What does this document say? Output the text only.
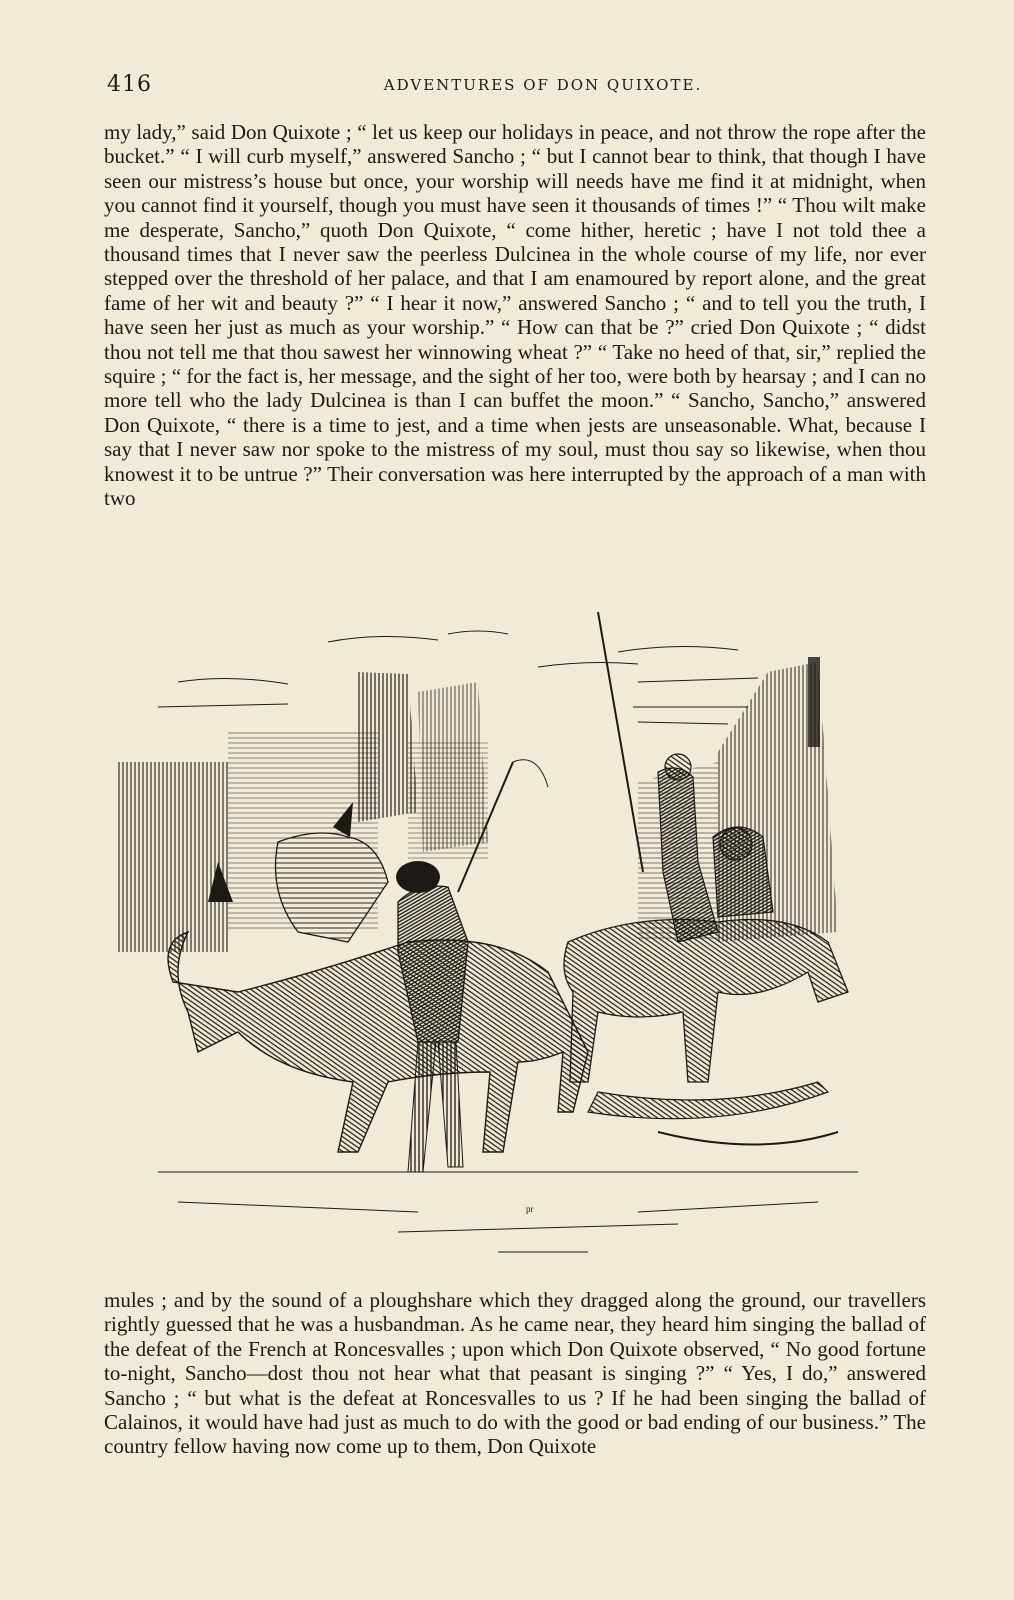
416	ADVENTURES OF DON QUIXOTE.

my lady,” said Don Quixote ; “ let us keep our holidays in peace, and not throw the rope after the bucket.” “ I will curb myself,” answered Sancho ; “ but I cannot bear to think, that though I have seen our mistress’s house but once, your worship will needs have me find it at midnight, when you cannot find it yourself, though you must have seen it thousands of times !” “ Thou wilt make me desperate, Sancho,” quoth Don Quixote, “ come hither, heretic ; have I not told thee a thousand times that I never saw the peerless Dulcinea in the whole course of my life, nor ever stepped over the threshold of her palace, and that I am enamoured by report alone, and the great fame of her wit and beauty ?” “ I hear it now,” answered Sancho ; “ and to tell you the truth, I have seen her just as much as your worship.” “ How can that be ?” cried Don Quixote ; “ didst thou not tell me that thou sawest her winnowing wheat ?” “ Take no heed of that, sir,” replied the squire ; “ for the fact is, her message, and the sight of her too, were both by hearsay ; and I can no more tell who the lady Dulcinea is than I can buffet the moon.” “ Sancho, Sancho,” answered Don Quixote, “ there is a time to jest, and a time when jests are unseasonable. What, because I say that I never saw nor spoke to the mistress of my soul, must thou say so likewise, when thou knowest it to be untrue ?” Their conversation was here interrupted by the approach of a man with two

pr

mules ; and by the sound of a ploughshare which they dragged along the ground, our travellers rightly guessed that he was a husbandman. As he came near, they heard him singing the ballad of the defeat of the French at Roncesvalles ; upon which Don Quixote observed, “ No good fortune to-night, Sancho—dost thou not hear what that peasant is singing ?” “ Yes, I do,” answered Sancho ; “ but what is the defeat at Roncesvalles to us ? If he had been singing the ballad of Calainos, it would have had just as much to do with the good or bad ending of our business.” The country fellow having now come up to them, Don Quixote
